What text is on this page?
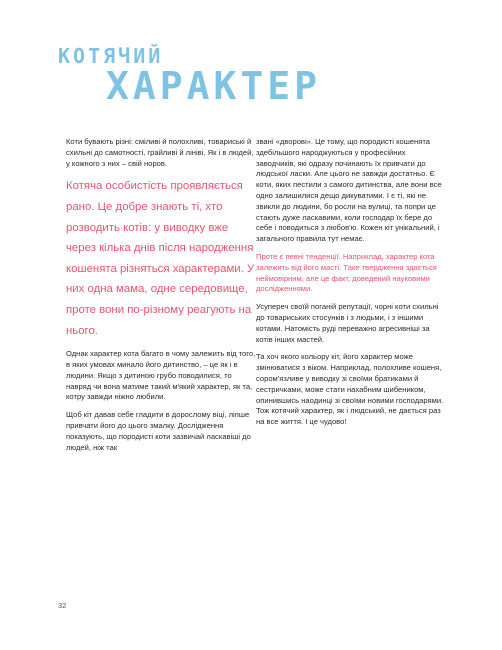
КОТЯЧИЙ
ХАРАКТЕР

Коти бувають різні: сміливі й полохливі, товариські й схильні до самотності, грайливі й лініві. Як і в людей, у кожного з них – свій норов.

Котяча особистість проявляється рано. Це добре знають ті, хто розводить котів: у виводку вже через кілька днів після народження кошенята різняться характерами. У них одна мама, одне середовище, проте вони по-різному реагують на нього.

Однак характер кота багато в чому залежить від того, в яких умовах минало його дитинство, – це як і в людини. Якщо з дитиною грубо поводилися, то навряд чи вона матиме такий м'який характер, як та, котру завжди ніжно любили.

Щоб кіт давав себе гладити в дорослому віці, ліпше привчати його до цього змалку. Дослідження показують, що породисті коти зазвичай ласкавіші до людей, ніж так

звані «дворові». Це тому, що породисті кошенята здебільшого народжуються у професійних заводчиків, які одразу починають їх привчати до людської ласки. Але цього не завжди достатньо. Є коти, яких пестили з самого дитинства, але вони все одно залишилися дещо дикуватими. І є ті, які не звикли до людини, бо росли на вулиці, та попри це стають дуже ласкавими, коли господар їх бере до себе і поводиться з любов'ю. Кожен кіт унікальний, і загального правила тут немає.

Проте є певні тенденції. Наприклад, характер кота залежить від його масті. Таке твердження здається неймовірним, але це факт, доведений науковими дослідженнями.

Усупереч своїй поганій репутації, чорні коти схильні до товариських стосунків і з людьми, і з іншими котами. Натомість руді переважно агресивніші за котів інших мастей.

Та хоч якого кольору кіт, його характер може змінюватися з віком. Наприклад, полохливе кошеня, сором'язливе у виводку зі своїми братиками й сестричками, може стати нахабним шибеником, опинившись наодинці зі своїми новими господарями. Тож котячий характер, як і людський, не дається раз на все життя. І це чудово!

32
